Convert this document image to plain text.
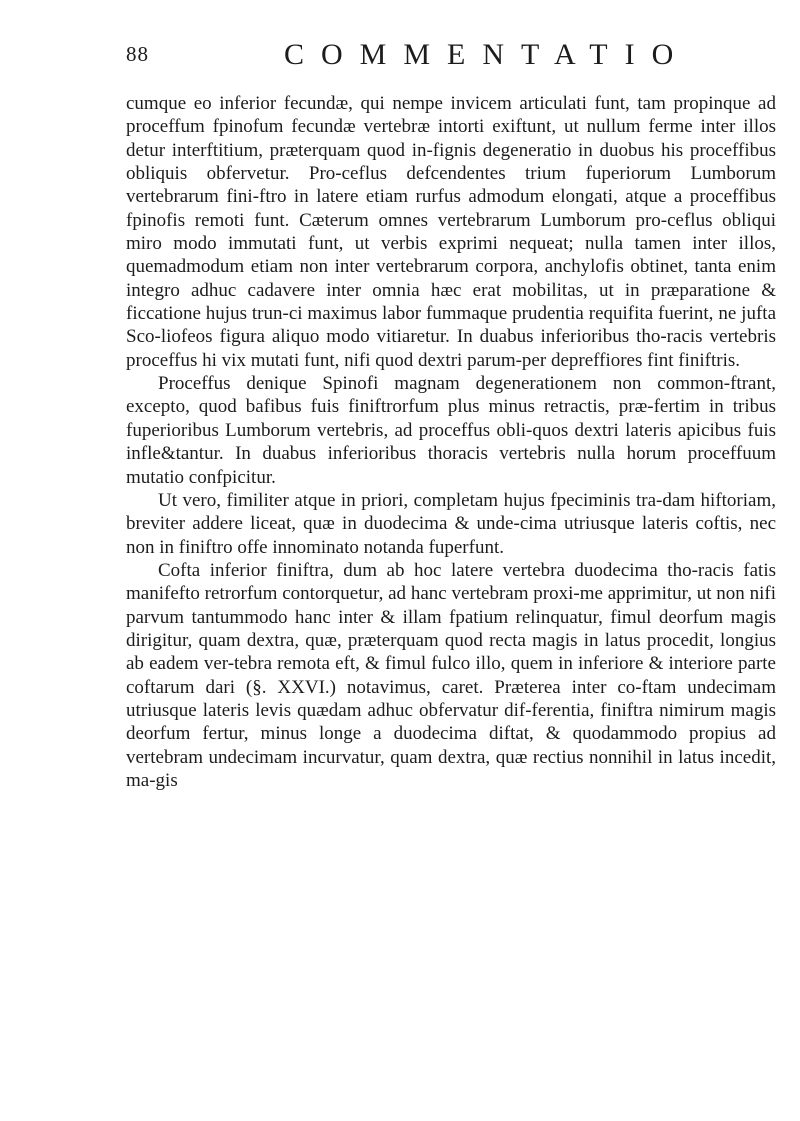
88	COMMENTATIO

cumque eo inferior fecundæ, qui nempe invicem articulati funt, tam propinque ad proceffum fpinofum fecundæ vertebræ intorti exiftunt, ut nullum ferme inter illos detur interftitium, præterquam quod in-fignis degeneratio in duobus his proceffibus obliquis obfervetur. Pro-ceflus defcendentes trium fuperiorum Lumborum vertebrarum fini-ftro in latere etiam rurfus admodum elongati, atque a proceffibus fpinofis remoti funt. Cæterum omnes vertebrarum Lumborum pro-ceflus obliqui miro modo immutati funt, ut verbis exprimi nequeat; nulla tamen inter illos, quemadmodum etiam non inter vertebrarum corpora, anchylofis obtinet, tanta enim integro adhuc cadavere inter omnia hæc erat mobilitas, ut in præparatione & ficcatione hujus trun-ci maximus labor fummaque prudentia requifita fuerint, ne jufta Sco-liofeos figura aliquo modo vitiaretur. In duabus inferioribus tho-racis vertebris proceffus hi vix mutati funt, nifi quod dextri parum-per depreffiores fint finiftris.

Proceffus denique Spinofi magnam degenerationem non common-ftrant, excepto, quod bafibus fuis finiftrorfum plus minus retractis, præ-fertim in tribus fuperioribus Lumborum vertebris, ad proceffus obli-quos dextri lateris apicibus fuis infle&tantur. In duabus inferioribus thoracis vertebris nulla horum proceffuum mutatio confpicitur.

Ut vero, fimiliter atque in priori, completam hujus fpeciminis tra-dam hiftoriam, breviter addere liceat, quæ in duodecima & unde-cima utriusque lateris coftis, nec non in finiftro offe innominato notanda fuperfunt.

Cofta inferior finiftra, dum ab hoc latere vertebra duodecima tho-racis fatis manifefto retrorfum contorquetur, ad hanc vertebram proxi-me apprimitur, ut non nifi parvum tantummodo hanc inter & illam fpatium relinquatur, fimul deorfum magis dirigitur, quam dextra, quæ, præterquam quod recta magis in latus procedit, longius ab eadem ver-tebra remota eft, & fimul fulco illo, quem in inferiore & interiore parte coftarum dari (§. XXVI.) notavimus, caret. Præterea inter co-ftam undecimam utriusque lateris levis quædam adhuc obfervatur dif-ferentia, finiftra nimirum magis deorfum fertur, minus longe a duodecima diftat, & quodammodo propius ad vertebram undecimam incurvatur, quam dextra, quæ rectius nonnihil in latus incedit, ma-gis
